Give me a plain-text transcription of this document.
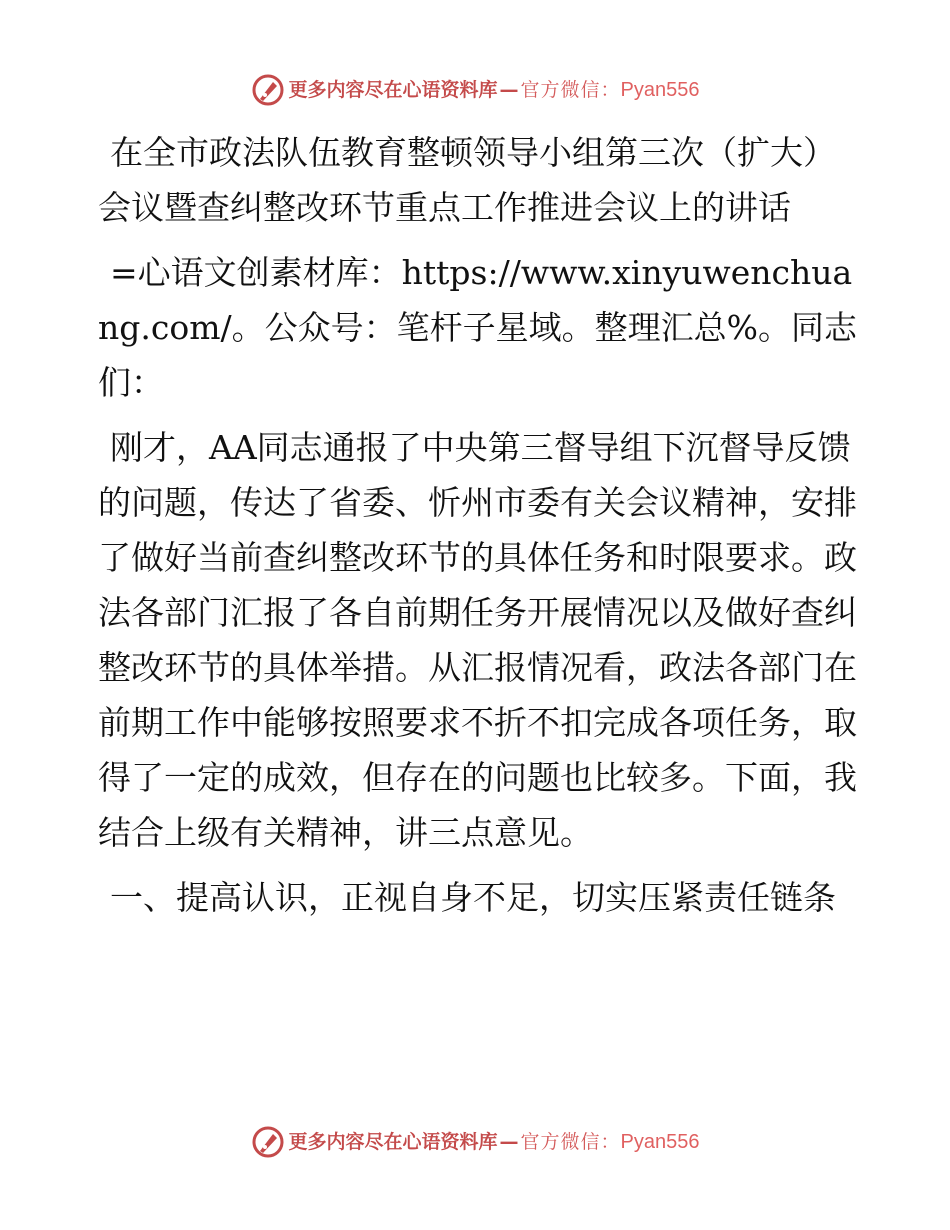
更多内容尽在心语资料库 — 官方微信： Pyan556

在全市政法队伍教育整顿领导小组第三次（扩大）会议暨查纠整改环节重点工作推进会议上的讲话

=心语文创素材库：https://www.xinyuwenchuang.com/。公众号：笔杆子星域。整理汇总%。同志们：

刚才，AA同志通报了中央第三督导组下沉督导反馈的问题，传达了省委、忻州市委有关会议精神，安排了做好当前查纠整改环节的具体任务和时限要求。政法各部门汇报了各自前期任务开展情况以及做好查纠整改环节的具体举措。从汇报情况看，政法各部门在前期工作中能够按照要求不折不扣完成各项任务，取得了一定的成效，但存在的问题也比较多。下面，我结合上级有关精神，讲三点意见。

一、提高认识，正视自身不足，切实压紧责任链条

更多内容尽在心语资料库 — 官方微信： Pyan556
